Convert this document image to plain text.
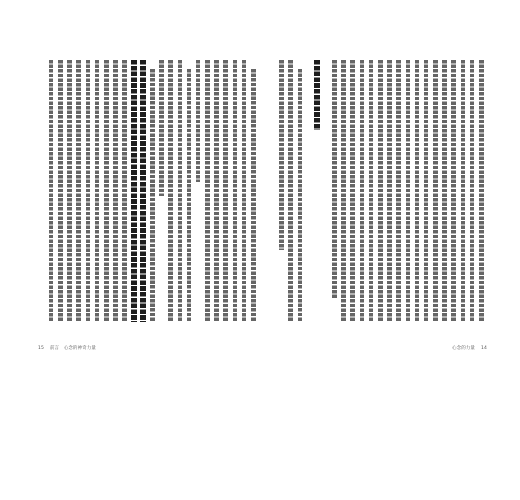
15 前言　心念的神奇力量	心念的力量 14
